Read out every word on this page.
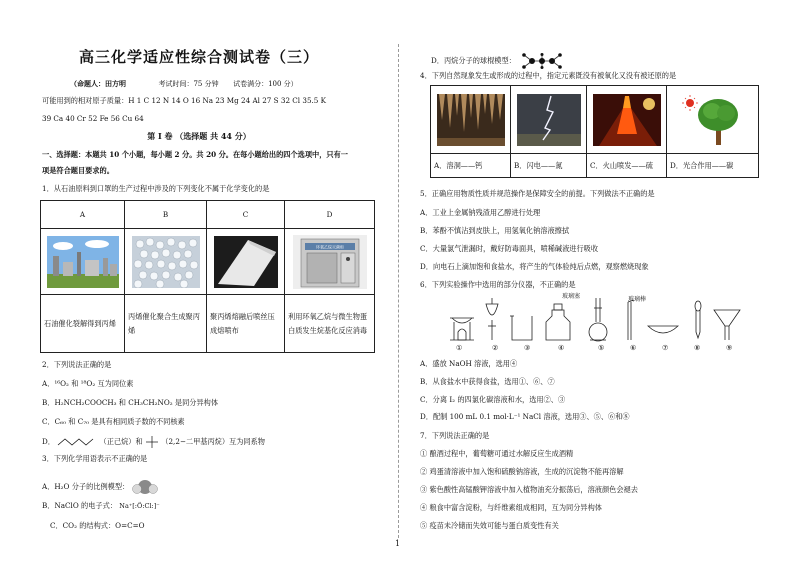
高三化学适应性综合测试卷（三）
（命题人：田方明	考试时间：75 分钟 试卷满分：100 分）
可能用到的相对原子质量：H 1 C 12 N 14 O 16 Na 23 Mg 24 Al 27 S 32 Cl 35.5 K
39 Ca 40 Cr 52 Fe 56 Cu 64
第 I 卷 （选择题 共 44 分）
一、选择题：本题共 10 个小题，每小题 2 分。共 20 分。在每小题给出的四个选项中，只有一
项是符合题目要求的。
1．从石油原料到口罩的生产过程中涉及的下列变化不属于化学变化的是
A	B	C	D

环氧乙烷灭菌柜

石油催化裂解得到丙烯	丙烯催化聚合生成聚丙烯	聚丙烯熔融后喷丝压成熔喷布	利用环氧乙烷与微生物蛋白质发生烷基化反应消毒
2．下列说法正确的是
A．¹⁶O₂ 和 ¹⁸O₂ 互为同位素
B．H₂NCH₂COOCH₃ 和 CH₃CH₂NO₂ 是同分异构体
C．C₆₀ 和 C₇₀ 是具有相同质子数的不同核素
D．	（正己烷）和	（2,2−二甲基丙烷）互为同系物
3．下列化学用语表示不正确的是
A．H₂O 分子的比例模型：
B．NaClO 的电子式： Na⁺[:Ö:Cl:]⁻
C．CO₂ 的结构式：O=C=O
D．丙烷分子的球棍模型：
4．下列自然现象发生或形成的过程中，指定元素既没有被氧化又没有被还原的是

A．溶洞——钙	B．闪电——氮	C．火山喷发——硫	D．光合作用——碳
5．正确应用物质性质并规范操作是保障安全的前提。下列做法不正确的是
A．工业上金属钠残渣用乙醇进行处理
B．苯酚不慎沾到皮肤上，用氢氧化钠溶液擦拭
C．大量氯气泄漏时，戴好防毒面具，喷稀碱液进行吸收
D．向电石上滴加饱和食盐水，将产生的气体验纯后点燃，观察燃烧现象
6．下列实验操作中选用的部分仪器，不正确的是
玻璃塞	玻璃棒
①	②	③	④	⑤	⑥	⑦	⑧	⑨
A．盛放 NaOH 溶液，选用④
B．从食盐水中获得食盐，选用①、⑥、⑦
C．分离 I₂ 的四氯化碳溶液和水，选用②、③
D．配制 100 mL 0.1 mol·L⁻¹ NaCl 溶液，选用③、⑤、⑥和⑧
7．下列说法正确的是
① 酿酒过程中，葡萄糖可通过水解反应生成酒精
② 鸡蛋清溶液中加入饱和硫酸钠溶液，生成的沉淀物不能再溶解
③ 紫色酸性高锰酸钾溶液中加入植物油充分振荡后，溶液颜色会褪去
④ 粮食中富含淀粉，与纤维素组成相同，互为同分异构体
⑤ 疫苗未冷储而失效可能与蛋白质变性有关
1
